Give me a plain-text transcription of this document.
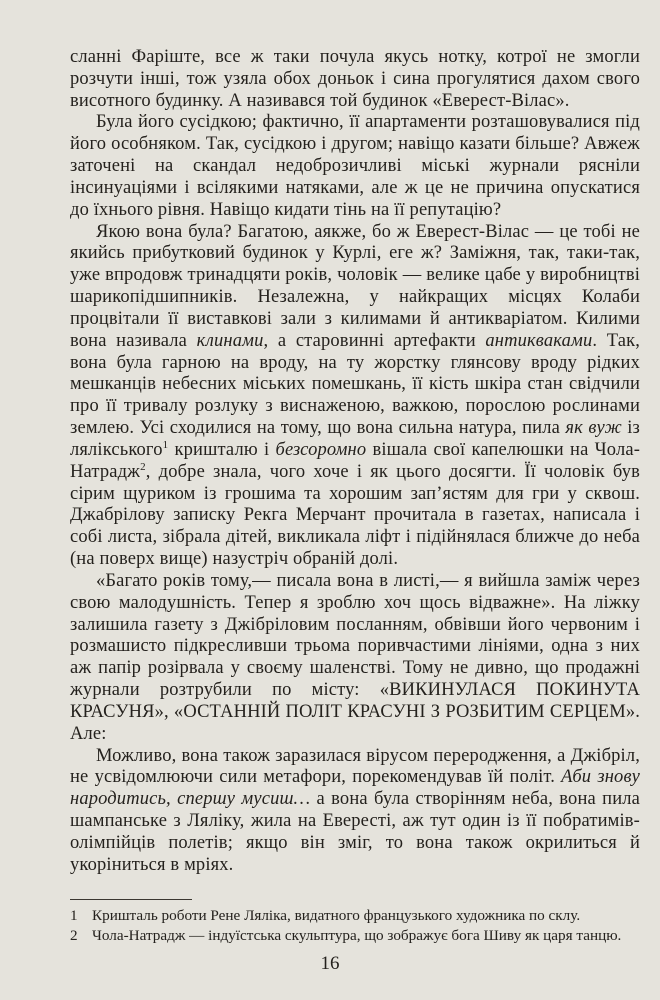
сланні Фаріште, все ж таки почула якусь нотку, котрої не змогли розчути інші, тож узяла обох доньок і сина прогулятися дахом свого висотного будинку. А називався той будинок «Еверест-Вілас».

Була його сусідкою; фактично, її апартаменти розташовувалися під його особняком. Так, сусідкою і другом; навіщо казати більше? Авжеж заточені на скандал недоброзичливі міські журнали рясніли інсинуаціями і всілякими натяками, але ж це не причина опускатися до їхнього рівня. Навіщо кидати тінь на її репутацію?

Якою вона була? Багатою, аякже, бо ж Еверест-Вілас — це тобі не якийсь прибутковий будинок у Курлі, еге ж? Заміжня, так, таки-так, уже впродовж тринадцяти років, чоловік — велике цабе у виробництві шарикопідшипників. Незалежна, у найкращих місцях Колаби процвітали її виставкові зали з килимами й антикваріатом. Килими вона називала клинами, а старовинні артефакти антикваками. Так, вона була гарною на вроду, на ту жорстку глянсову вроду рідких мешканців небесних міських помешкань, її кість шкіра стан свідчили про її тривалу розлуку з виснаженою, важкою, порослою рослинами землею. Усі сходилися на тому, що вона сильна натура, пила як вуж із лялікського$^1$ кришталю і безсоромно вішала свої капелюшки на Чола-Натрадж$^2$, добре знала, чого хоче і як цього досягти. Її чоловік був сірим щуриком із грошима та хорошим зап’ястям для гри у сквош. Джабрілову записку Рекга Мерчант прочитала в газетах, написала і собі листа, зібрала дітей, викликала ліфт і підійнялася ближче до неба (на поверх вище) назустріч обраній долі.

«Багато років тому,— писала вона в листі,— я вийшла заміж через свою малодушність. Тепер я зроблю хоч щось відважне». На ліжку залишила газету з Джібріловим посланням, обвівши його червоним і розмашисто підкресливши трьома поривчастими лініями, одна з них аж папір розірвала у своєму шаленстві. Тому не дивно, що продажні журнали розтрубили по місту: «ВИКИНУЛАСЯ ПОКИНУТА КРАСУНЯ», «ОСТАННІЙ ПОЛІТ КРАСУНІ З РОЗБИТИМ СЕРЦЕМ». Але:

Можливо, вона також заразилася вірусом переродження, а Джібріл, не усвідомлюючи сили метафори, порекомендував їй політ. Аби знову народитись, спершу мусиш… а вона була створінням неба, вона пила шампанське з Ляліку, жила на Евересті, аж тут один із її побратимів-олімпійців полетів; якщо він зміг, то вона також окрилиться й укорiниться в мріях.

1 Кришталь роботи Рене Ляліка, видатного французького художника по склу.
2 Чола-Натрадж — індуїстська скульптура, що зображує бога Шиву як царя танцю.
16
